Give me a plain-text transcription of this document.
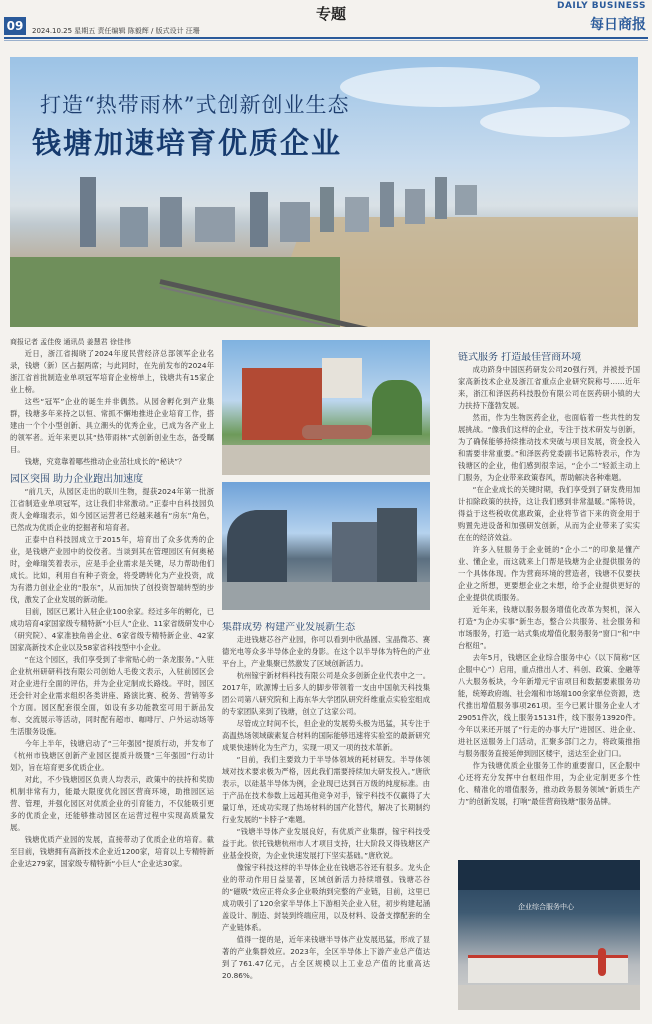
09	2024.10.25 星期五 责任编辑 陈毅辉 / 版式设计 汪珊
专题	DAILY BUSINESS
每日商报
打造“热带雨林”式创新创业生态
钱塘加速培育优质企业

商报记者 孟佳俊 通讯员 姜慧君 徐佳伟

近日，浙江省揭晓了2024年度民营经济总部领军企业名录，钱塘（新）区占据两席；与此同时，在先前发布的2024年浙江省首批制造业单项冠军培育企业榜单上，钱塘共有15家企业上榜。

这些“冠军”企业的诞生并非偶然。从园舍孵化到产业集群，钱塘多年来持之以恒、常抓不懈地推进企业培育工作，搭建由一个个小型创新、具立潮头的优秀企业，已成为各产业上的领军者。近年来更以其“热带雨林”式创新创业生态，备受瞩目。

钱塘，究竟靠着哪些推动企业茁壮成长的“秘诀”？

园区突围 助力企业跑出加速度

“前几天，从园区走出的联川生物，提获2024年第一批浙江省制造业单项冠军，这让我们非常激动。”正泰中自科技园负责人金峰瑞表示，如今园区运营者已经越来越有“房东”角色，已然成为优质企业的挖掘者和培育者。

正泰中自科技园成立于2015年，培育出了众多优秀的企业，是钱塘产业园中的佼佼者。当谈到其在管理园区有何奥秘时，金峰瑞笑着表示，应是手企业需求是关键，尽力帮助他们成长。比如，利用自有种子资金，将受聘转化为产业投资，成为有潜力创业企业的“股东”，从而加快了创投资智端转型的步伐，激发了企业发展的新动能。

目前，园区已累计入驻企业100余家。经过多年的孵化，已成功培育4家国家级专精特新“小巨人”企业、11家省级研发中心（研究院）、4家准独角兽企业、6家省级专精特新企业、42家国家高新技术企业以及58家省科技型中小企业。

“在这个园区，我们享受到了非常贴心的一条龙服务。”入驻企业杭州研研科技有限公司创始人毛俊文表示，入驻前园区会对企业进行全面的评估，并为企业定制成长路线。平时，园区还会针对企业需求组织各类讲座、路演比赛、税务、营销等多个方面。园区配套很全面，如设有多功能教室可用于新品发布、交流展示等活动，同时配有超市、咖啡厅、户外运动场等生活服务设施。

今年上半年，钱塘启动了“三年强园”提质行动，并发布了《杭州市钱塘区创新产业园区提质升级暨“三年强园”行动计划》，旨在培育更多优质企业。

对此，不少钱塘园区负责人均表示，政策中的扶持和奖励机制非常有力，能最大限度优化园区营商环境，助推园区运营、管理，并强化园区对优质企业的引育能力，不仅能吸引更多的优质企业，还能够推动园区在运营过程中实现高质量发展。

钱塘优质产业园的发展，直接带动了优质企业的培育。截至目前，钱塘拥有高新技术企业近1200家，培育以上专精特新企业达279家，国家级专精特新“小巨人”企业达30家。

集群成势 构建产业发展新生态

走进钱塘芯谷产业园，你可以看到中欣晶圆、宝晶微芯、赛德光电等众多半导体企业的身影。在这个以半导体为特色的产业平台上，产业集聚已然激发了区域创新活力。

杭州镓宇新材料科技有限公司是众多创新企业代表中之一。2017年，欧源博士后多人的脚步带领着一支由中国航天科技集团公司第八研究院和上海东华大学团队研究纤维重点实验室组成的专家团队来到了钱塘，创立了这家公司。

尽管成立时间不长，但企业的发展势头极为迅猛，其专注于高温热场领域碳素复合材料的国际能够迅速将实验室的最新研究成果快速转化为生产力，实现一项又一项的技术革新。

“目前，我们主要致力于半导体领域的耗材研发。半导体领域对技术要求极为严格，因此我们需要持续加大研发投入。”唐欣表示，以硅基半导体为例，企业现已达到百万级的纯度标准。由于产品在技术参数上远超其他竞争对手，镓宇科技不仅赢得了大量订单，还成功实现了热场材料的国产化替代，解决了长期制约行业发展的“卡脖子”难题。

“钱塘半导体产业发展良好，有优质产业集群，镓宇科技受益于此。依托钱塘杭州市人才项目支持，壮大阶段又得钱塘区产业基金投资，为企业快速发展打下坚实基础。”唐欣说。

像镓宇科技这样的半导体企业在钱塘芯谷还有很多。龙头企业的带动作用日益显著，区域创新活力持续增强。钱塘芯谷的“磁吸”效应正将众多企业吸纳到完整的产业链，目前，这里已成功吸引了120余家半导体上下游相关企业入驻，初步构建起涵盖设计、制造、封装到终端应用，以及材料、设备支撑配套的全产业链体系。

值得一提的是，近年来钱塘半导体产业发展迅猛，形成了显著的产业集群效应。2023年，全区半导体上下游产业总产值达到了761.47亿元，占全区规模以上工业总产值的比重高达20.86%。

链式服务 打造最佳营商环境

成功跻身中国医药研发公司20强行列，并被授予国家高新技术企业及浙江省重点企业研究院称号……近年来，浙江和泽医药科技股份有限公司在医药研小镇的大力扶持下蓬勃发展。

然而，作为生物医药企业，也面临着一些共性的发展挑战。“像我们这样的企业，专注于技术研发与创新，为了确保能够持续推动技术突破与项目发展，资金投入和需要非常重要。”和泽医药党委副书记陈特表示，作为钱塘区的企业，他们感到很幸运，“企小二”轻派主动上门服务，为企业带来政策春风，帮助解决各种难题。

“在企业成长的关键时期，我们享受到了研发费用加计扣除政策的扶持，这让我们感到非常温暖。”陈特说，得益于这些税收优惠政策，企业将节省下来的资金用于购置先进设备和加强研发创新，从而为企业带来了实实在在的经济效益。

许多入驻服务于企业链的“企小二”的印象是懂产业、懂企业，而这就来上门帮是钱塘为企业提供服务的一个具体体现。作为营商环境的营造者，钱塘不仅要扶企业之所想，更要想企业之未想，给予企业提供更好的企业提供优质服务。

近年来，钱塘以服务服务增值化改革为契机，深入打造“为企办实事”新生态，整合公共服务、社会服务和市场服务，打造一站式集成增值化服务服务“窗口”和“中台枢纽”。

去年5月，钱塘区企业综合服务中心（以下简称“区企服中心”）启用，重点推出人才、科创、政策、金融等八大服务板块，今年新增元宇宙项目和数据要素服务功能，统筹政府端、社会端和市场端100余家单位资源，迭代推出增值服务事项261项。至今已累计服务企业人才29051件次，线上服务15131件，线下服务13920件。今年以来还开展了“行走的办事大厅”进园区、进企业、进社区送服务上门活动，汇聚多部门之力，将政策推指与服务服务直接延伸到园区楼宇，送达至企业门口。

作为钱塘优质企业服务工作的重要窗口，区企服中心还将充分发挥中台枢纽作用，为企业定制更多个性化、精准化的增值服务，推动政务服务领域“新质生产力”的创新发展，打响“最佳营商钱塘”服务品牌。

企业综合服务中心
